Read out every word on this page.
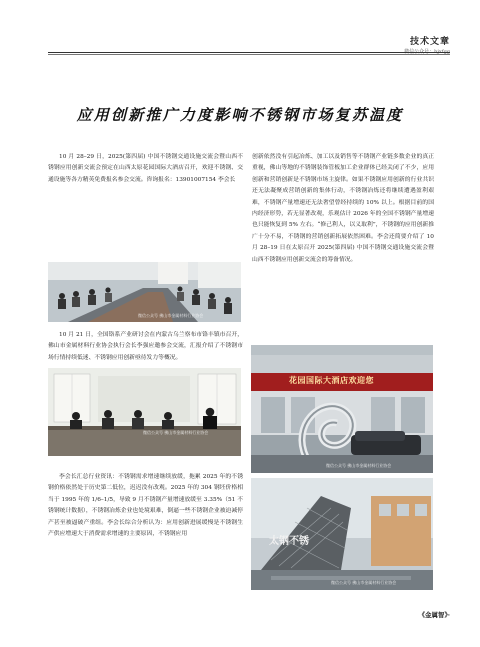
技术文章
微信公众号：bjxfgg
应用创新推广力度影响不锈钢市场复苏温度

10 月 28–29 日，2025(第四届) 中国不锈钢交通设施交流会暨山西不锈钢应用创新交流会预定在山西太原花园国际大酒店召开，欢迎不锈钢、交通设施等各方精英免费报名参会交流。咨询报名：13901007154 李会长

微信公众号 佛山市金属材料行业协会

10 月 21 日，全国铬系产业研讨会在内蒙古乌兰察布市铬丰镇市召开，佛山市金属材料行业协会执行会长李强应邀参会交流，汇报介绍了不锈钢市场行情持续低迷、不锈钢应用创新亟待发力等概况。

微信公众号 佛山市金属材料行业协会

李会长汇总行业资讯：不锈钢需求增速继续放缓，拖累 2025 年的不锈钢价格依然处于历史第二低位，迟迟没有改观。2025 年的 304 钢坯价格相当于 1995 年的 1/6–1/5，导致 9 月不锈钢产量增速放缓至 3.35%（51 不锈钢统计数据），不锈钢冶炼企业也处境艰难，倒逼一些不锈钢企业被迫减停产甚至被逼破产重组。李会长综合分析认为：应用创新进展缓慢是不锈钢生产供应增速大于消费需求增速的主要原因，不锈钢应用

创新依然没有引起冶炼、加工以及销售等不锈钢产业链多数企业的真正重视，佛山等地的不锈钢装饰管板加工企业群体已经关闭了不少，应用创新和营销创新是不锈钢市场主旋律。如果不锈钢应用创新的行业共识还无法凝聚成营销创新的集体行动，不锈钢冶炼还将继续遭遇盈利艰难，不锈钢产量增速还无法奢望曾经持续的 10% 以上。根据目前的国内经济形势，若无显著改观，乐观估计 2026 年的全国不锈钢产量增速也只能恢复到 5% 左右。“修己利人，以义取利”，不锈钢的应用创新推广十分不易，不锈钢的营销创新拓展依然困难。李会还简要介绍了 10 月 28–19 日在太原召开 2025(第四届) 中国不锈钢交通设施交流会暨山西不锈钢应用创新交流会的筹备情况。

花园国际大酒店欢迎您
微信公众号 佛山市金属材料行业协会
太钢不锈
微信公众号 佛山市金属材料行业协会
《金属智》·
